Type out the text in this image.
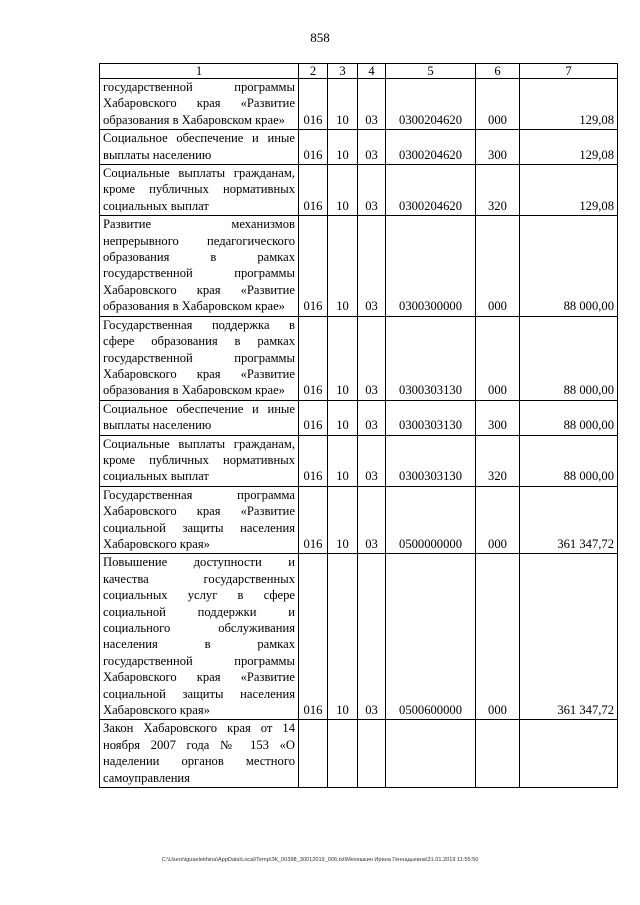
858
1	2	3	4	5	6	7
государственной программы Хабаровского края «Развитие образования в Хабаровском крае»	016	10	03	0300204620	000	129,08
Социальное обеспечение и иные выплаты населению	016	10	03	0300204620	300	129,08
Социальные выплаты гражданам, кроме публичных нормативных социальных выплат	016	10	03	0300204620	320	129,08
Развитие механизмов непрерывного педагогического образования в рамках государственной программы Хабаровского края «Развитие образования в Хабаровском крае»	016	10	03	0300300000	000	88 000,00
Государственная поддержка в сфере образования в рамках государственной программы Хабаровского края «Развитие образования в Хабаровском крае»	016	10	03	0300303130	000	88 000,00
Социальное обеспечение и иные выплаты населению	016	10	03	0300303130	300	88 000,00
Социальные выплаты гражданам, кроме публичных нормативных социальных выплат	016	10	03	0300303130	320	88 000,00
Государственная программа Хабаровского края «Развитие социальной защиты населения Хабаровского края»	016	10	03	0500000000	000	361 347,72
Повышение доступности и качества государственных социальных услуг в сфере социальной поддержки и социального обслуживания населения в рамках государственной программы Хабаровского края «Развитие социальной защиты населения Хабаровского края»	016	10	03	0500600000	000	361 347,72
Закон Хабаровского края от 14 ноября 2007 года № 153 «О наделении органов местного самоуправления						
C:\Users\iguaelekhina\AppData\Local\Temp\ЗК_00398_30012019_006.txt\Мехешкин Ирина Геннадьевна\31.01.2019 11:55:50
